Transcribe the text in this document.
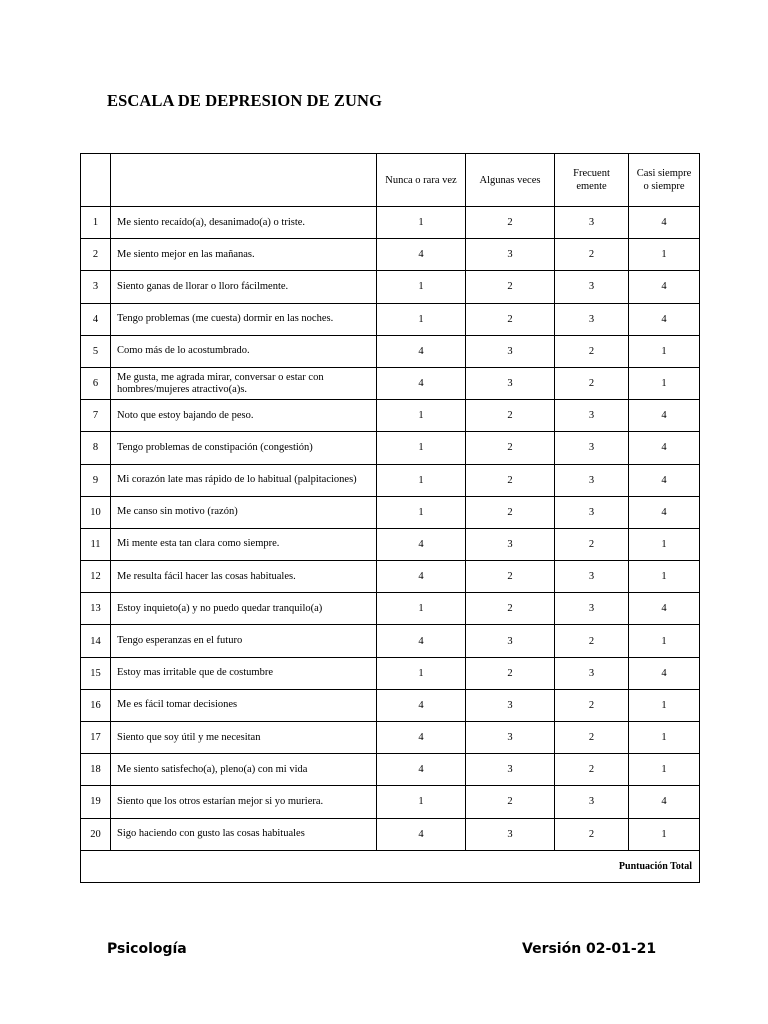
ESCALA DE DEPRESION DE ZUNG
		Nunca o rara vez	Algunas veces	Frecuent emente	Casi siempre o siempre
1	Me siento recaído(a), desanimado(a) o triste.	1	2	3	4
2	Me siento mejor en las mañanas.	4	3	2	1
3	Siento ganas de llorar o lloro fácilmente.	1	2	3	4
4	Tengo problemas (me cuesta) dormir en las noches.	1	2	3	4
5	Como más de lo acostumbrado.	4	3	2	1
6	Me gusta, me agrada mirar, conversar o estar con hombres/mujeres atractivo(a)s.	4	3	2	1
7	Noto que estoy bajando de peso.	1	2	3	4
8	Tengo problemas de constipación (congestión)	1	2	3	4
9	Mi corazón late mas rápido de lo habitual (palpitaciones)	1	2	3	4
10	Me canso sin motivo (razón)	1	2	3	4
11	Mi mente esta tan clara como siempre.	4	3	2	1
12	Me resulta fácil hacer las cosas habituales.	4	2	3	1
13	Estoy inquieto(a) y no puedo quedar tranquilo(a)	1	2	3	4
14	Tengo esperanzas en el futuro	4	3	2	1
15	Estoy mas irritable que de costumbre	1	2	3	4
16	Me es fácil tomar decisiones	4	3	2	1
17	Siento que soy útil y me necesitan	4	3	2	1
18	Me siento satisfecho(a), pleno(a) con mi vida	4	3	2	1
19	Siento que los otros estarían mejor si yo muriera.	1	2	3	4
20	Sigo haciendo con gusto las cosas habituales	4	3	2	1
Puntuación Total					
Psicología	Versión 02-01-21
